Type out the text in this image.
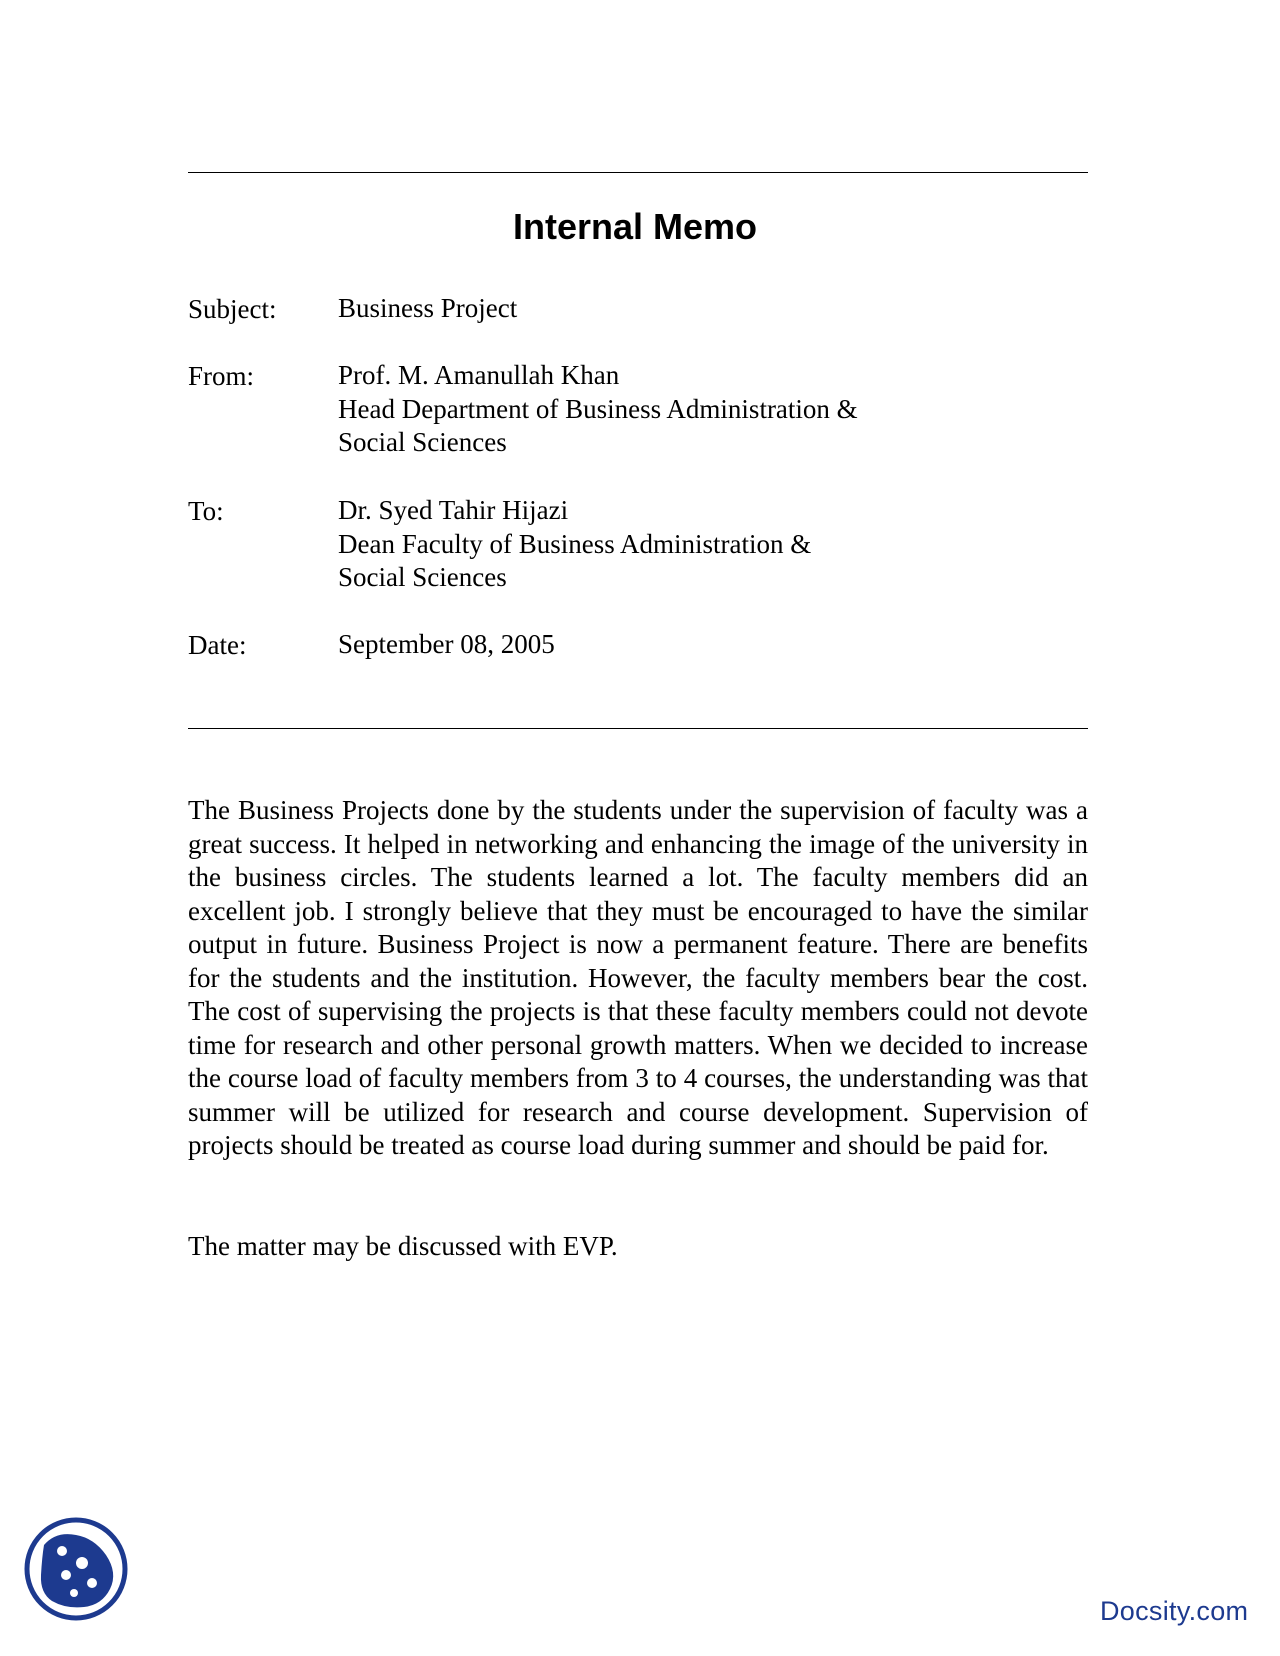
Internal Memo
Subject: Business Project
From:	Prof. M. Amanullah Khan
Head Department of Business Administration &
Social Sciences
To:	Dr. Syed Tahir Hijazi
Dean Faculty of Business Administration &
Social Sciences
Date:	September 08, 2005
The Business Projects done by the students under the supervision of faculty was a great success. It helped in networking and enhancing the image of the university in the business circles. The students learned a lot. The faculty members did an excellent job. I strongly believe that they must be encouraged to have the similar output in future. Business Project is now a permanent feature. There are benefits for the students and the institution. However, the faculty members bear the cost. The cost of supervising the projects is that these faculty members could not devote time for research and other personal growth matters. When we decided to increase the course load of faculty members from 3 to 4 courses, the understanding was that summer will be utilized for research and course development. Supervision of projects should be treated as course load during summer and should be paid for.
The matter may be discussed with EVP.
Docsity.com
